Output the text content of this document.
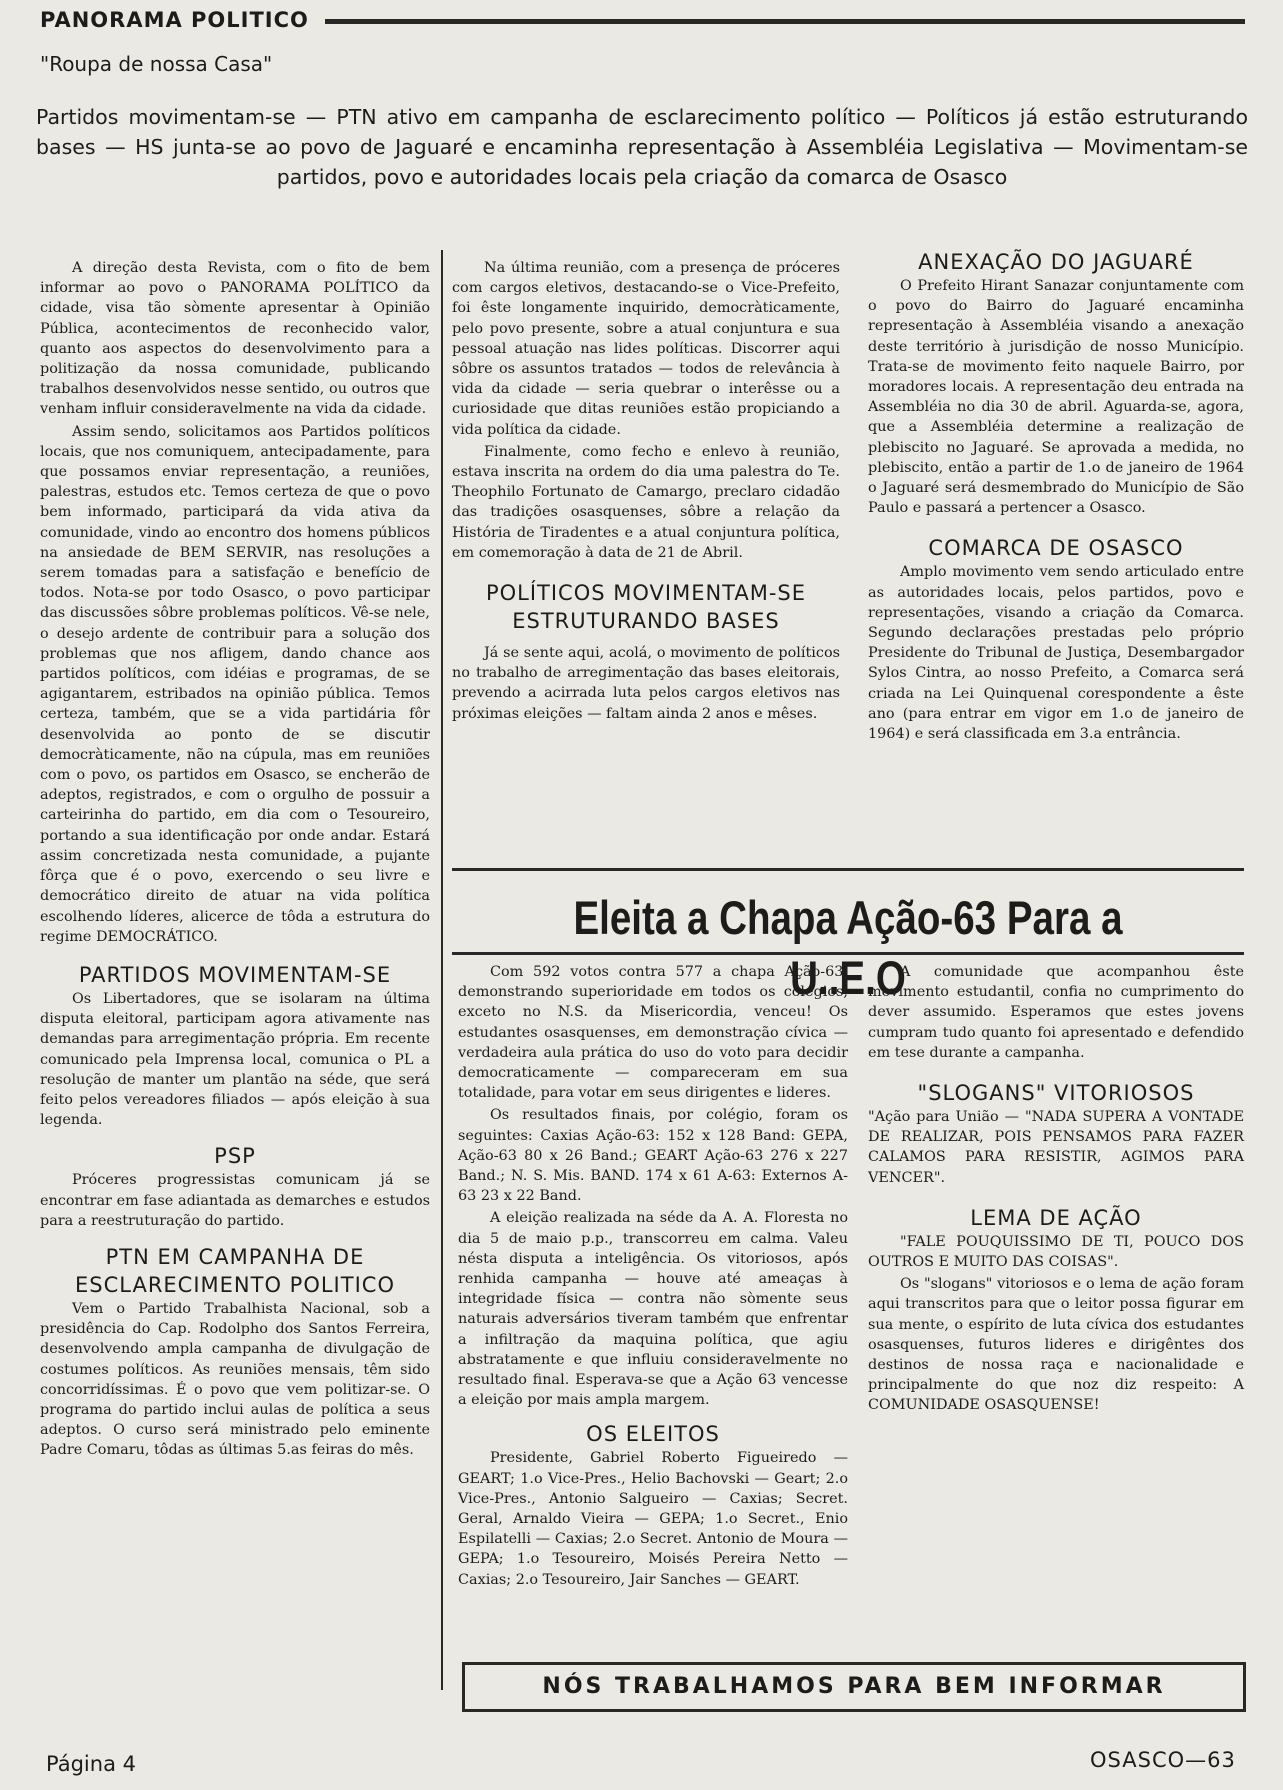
PANORAMA POLITICO
"Roupa de nossa Casa"
Partidos movimentam-se — PTN ativo em campanha de esclarecimento político — Políticos já estão estruturando bases — HS junta-se ao povo de Jaguaré e encaminha representação à Assembléia Legislativa — Movimentam-se partidos, povo e autoridades locais pela criação da comarca de Osasco

A direção desta Revista, com o fito de bem informar ao povo o PANORAMA POLÍTICO da cidade, visa tão sòmente apresentar à Opinião Pública, acontecimentos de reconhecido valor, quanto aos aspectos do desenvolvimento para a politização da nossa comunidade, publicando trabalhos desenvolvidos nesse sentido, ou outros que venham influir consideravelmente na vida da cidade.

Assim sendo, solicitamos aos Partidos políticos locais, que nos comuniquem, antecipadamente, para que possamos enviar representação, a reuniões, palestras, estudos etc. Temos certeza de que o povo bem informado, participará da vida ativa da comunidade, vindo ao encontro dos homens públicos na ansiedade de BEM SERVIR, nas resoluções a serem tomadas para a satisfação e benefício de todos. Nota-se por todo Osasco, o povo participar das discussões sôbre problemas políticos. Vê-se nele, o desejo ardente de contribuir para a solução dos problemas que nos afligem, dando chance aos partidos políticos, com idéias e programas, de se agigantarem, estribados na opinião pública. Temos certeza, também, que se a vida partidária fôr desenvolvida ao ponto de se discutir democràticamente, não na cúpula, mas em reuniões com o povo, os partidos em Osasco, se encherão de adeptos, registrados, e com o orgulho de possuir a carteirinha do partido, em dia com o Tesoureiro, portando a sua identificação por onde andar. Estará assim concretizada nesta comunidade, a pujante fôrça que é o povo, exercendo o seu livre e democrático direito de atuar na vida política escolhendo líderes, alicerce de tôda a estrutura do regime DEMOCRÁTICO.

PARTIDOS MOVIMENTAM-SE

Os Libertadores, que se isolaram na última disputa eleitoral, participam agora ativamente nas demandas para arregimentação própria. Em recente comunicado pela Imprensa local, comunica o PL a resolução de manter um plantão na séde, que será feito pelos vereadores filiados — após eleição à sua legenda.

PSP

Próceres progressistas comunicam já se encontrar em fase adiantada as demarches e estudos para a reestruturação do partido.

PTN EM CAMPANHA DE ESCLARECIMENTO POLITICO

Vem o Partido Trabalhista Nacional, sob a presidência do Cap. Rodolpho dos Santos Ferreira, desenvolvendo ampla campanha de divulgação de costumes políticos. As reuniões mensais, têm sido concorridíssimas. É o povo que vem politizar-se. O programa do partido inclui aulas de política a seus adeptos. O curso será ministrado pelo eminente Padre Comaru, tôdas as últimas 5.as feiras do mês.

Na última reunião, com a presença de próceres com cargos eletivos, destacando-se o Vice-Prefeito, foi êste longamente inquirido, democràticamente, pelo povo presente, sobre a atual conjuntura e sua pessoal atuação nas lides políticas. Discorrer aqui sôbre os assuntos tratados — todos de relevância à vida da cidade — seria quebrar o interêsse ou a curiosidade que ditas reuniões estão propiciando a vida política da cidade.

Finalmente, como fecho e enlevo à reunião, estava inscrita na ordem do dia uma palestra do Te. Theophilo Fortunato de Camargo, preclaro cidadão das tradições osasquenses, sôbre a relação da História de Tiradentes e a atual conjuntura política, em comemoração à data de 21 de Abril.

POLÍTICOS MOVIMENTAM-SE ESTRUTURANDO BASES

Já se sente aqui, acolá, o movimento de políticos no trabalho de arregimentação das bases eleitorais, prevendo a acirrada luta pelos cargos eletivos nas próximas eleições — faltam ainda 2 anos e mêses.

ANEXAÇÃO DO JAGUARÉ

O Prefeito Hirant Sanazar conjuntamente com o povo do Bairro do Jaguaré encaminha representação à Assembléia visando a anexação deste território à jurisdição de nosso Município. Trata-se de movimento feito naquele Bairro, por moradores locais. A representação deu entrada na Assembléia no dia 30 de abril. Aguarda-se, agora, que a Assembléia determine a realização de plebiscito no Jaguaré. Se aprovada a medida, no plebiscito, então a partir de 1.o de janeiro de 1964 o Jaguaré será desmembrado do Município de São Paulo e passará a pertencer a Osasco.

COMARCA DE OSASCO

Amplo movimento vem sendo articulado entre as autoridades locais, pelos partidos, povo e representações, visando a criação da Comarca. Segundo declarações prestadas pelo próprio Presidente do Tribunal de Justiça, Desembargador Sylos Cintra, ao nosso Prefeito, a Comarca será criada na Lei Quinquenal corespondente a êste ano (para entrar em vigor em 1.o de janeiro de 1964) e será classificada em 3.a entrância.

Eleita a Chapa Ação-63 Para a U..E.O

Com 592 votos contra 577 a chapa Ação-63, demonstrando superioridade em todos os colégios, exceto no N.S. da Misericordia, venceu! Os estudantes osasquenses, em demonstração cívica — verdadeira aula prática do uso do voto para decidir democraticamente — compareceram em sua totalidade, para votar em seus dirigentes e lideres.

Os resultados finais, por colégio, foram os seguintes: Caxias Ação-63: 152 x 128 Band: GEPA, Ação-63 80 x 26 Band.; GEART Ação-63 276 x 227 Band.; N. S. Mis. BAND. 174 x 61 A-63: Externos A-63 23 x 22 Band.

A eleição realizada na séde da A. A. Floresta no dia 5 de maio p.p., transcorreu em calma. Valeu nésta disputa a inteligência. Os vitoriosos, após renhida campanha — houve até ameaças à integridade física — contra não sòmente seus naturais adversários tiveram também que enfrentar a infiltração da maquina política, que agiu abstratamente e que influiu consideravelmente no resultado final. Esperava-se que a Ação 63 vencesse a eleição por mais ampla margem.

OS ELEITOS

Presidente, Gabriel Roberto Figueiredo — GEART; 1.o Vice-Pres., Helio Bachovski — Geart; 2.o Vice-Pres., Antonio Salgueiro — Caxias; Secret. Geral, Arnaldo Vieira — GEPA; 1.o Secret., Enio Espilatelli — Caxias; 2.o Secret. Antonio de Moura — GEPA; 1.o Tesoureiro, Moisés Pereira Netto — Caxias; 2.o Tesoureiro, Jair Sanches — GEART.

A comunidade que acompanhou êste movimento estudantil, confia no cumprimento do dever assumido. Esperamos que estes jovens cumpram tudo quanto foi apresentado e defendido em tese durante a campanha.

"SLOGANS" VITORIOSOS

"Ação para União — "NADA SUPERA A VONTADE DE REALIZAR, POIS PENSAMOS PARA FAZER CALAMOS PARA RESISTIR, AGIMOS PARA VENCER".

LEMA DE AÇÃO

"FALE POUQUISSIMO DE TI, POUCO DOS OUTROS E MUITO DAS COISAS".

Os "slogans" vitoriosos e o lema de ação foram aqui transcritos para que o leitor possa figurar em sua mente, o espírito de luta cívica dos estudantes osasquenses, futuros lideres e dirigêntes dos destinos de nossa raça e nacionalidade e principalmente do que noz diz respeito: A COMUNIDADE OSASQUENSE!

NÓS TRABALHAMOS PARA BEM INFORMAR
Página 4	OSASCO—63
